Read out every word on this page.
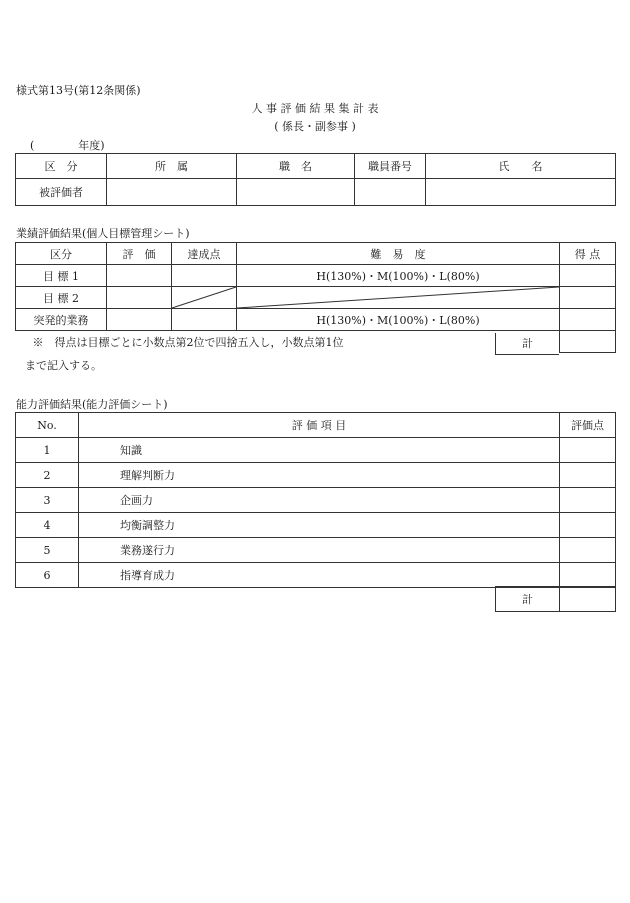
様式第13号(第12条関係)
人 事 評 価 結 果 集 計 表
( 係長・副参事 )
(　　　　年度)
区　分	所　属	職　名	職員番号	氏　　名
被評価者				
業績評価結果(個人目標管理シート)
区分	評　価	達成点	難　易　度	得 点
目 標 1			H(130%)・M(100%)・L(80%)	
目 標 2		

突発的業務			H(130%)・M(100%)・L(80%)	
※　得点は目標ごとに小数点第2位で四捨五入し，小数点第1位					計
まで記入する。
能力評価結果(能力評価シート)
No.	評 価 項 目	評価点
1	知識	
2	理解判断力	
3	企画力	
4	均衡調整力	
5	業務遂行力	
6	指導育成力	
計	
